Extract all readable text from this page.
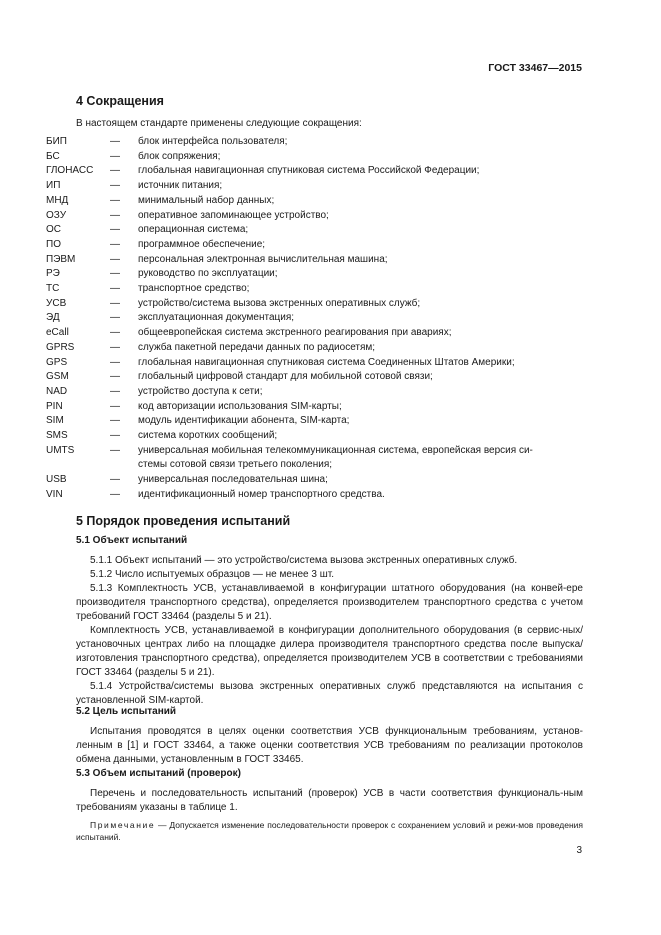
ГОСТ 33467—2015
4 Сокращения
В настоящем стандарте применены следующие сокращения:
БИП	—	блок интерфейса пользователя;
БС	—	блок сопряжения;
ГЛОНАСС	—	глобальная навигационная спутниковая система Российской Федерации;
ИП	—	источник питания;
МНД	—	минимальный набор данных;
ОЗУ	—	оперативное запоминающее устройство;
ОС	—	операционная система;
ПО	—	программное обеспечение;
ПЭВМ	—	персональная электронная вычислительная машина;
РЭ	—	руководство по эксплуатации;
ТС	—	транспортное средство;
УСВ	—	устройство/система вызова экстренных оперативных служб;
ЭД	—	эксплуатационная документация;
eCall	—	общеевропейская система экстренного реагирования при авариях;
GPRS	—	служба пакетной передачи данных по радиосетям;
GPS	—	глобальная навигационная спутниковая система Соединенных Штатов Америки;
GSM	—	глобальный цифровой стандарт для мобильной сотовой связи;
NAD	—	устройство доступа к сети;
PIN	—	код авторизации использования SIM-карты;
SIM	—	модуль идентификации абонента, SIM-карта;
SMS	—	система коротких сообщений;
UMTS	—	универсальная мобильная телекоммуникационная система, европейская версия си-
стемы сотовой связи третьего поколения;
USB	—	универсальная последовательная шина;
VIN	—	идентификационный номер транспортного средства.
5 Порядок проведения испытаний
5.1 Объект испытаний
5.1.1 Объект испытаний — это устройство/система вызова экстренных оперативных служб.
5.1.2 Число испытуемых образцов — не менее 3 шт.
5.1.3 Комплектность УСВ, устанавливаемой в конфигурации штатного оборудования (на конвей-ере производителя транспортного средства), определяется производителем транспортного средства с учетом требований ГОСТ 33464 (разделы 5 и 21).
Комплектность УСВ, устанавливаемой в конфигурации дополнительного оборудования (в сервис-ных/установочных центрах либо на площадке дилера производителя транспортного средства после выпуска/изготовления транспортного средства), определяется производителем УСВ в соответствии с требованиями ГОСТ 33464 (разделы 5 и 21).
5.1.4 Устройства/системы вызова экстренных оперативных служб представляются на испытания с установленной SIM-картой.
5.2 Цель испытаний
Испытания проводятся в целях оценки соответствия УСВ функциональным требованиям, установ-ленным в [1] и ГОСТ 33464, а также оценки соответствия УСВ требованиям по реализации протоколов обмена данными, установленным в ГОСТ 33465.
5.3 Объем испытаний (проверок)
Перечень и последовательность испытаний (проверок) УСВ в части соответствия функциональ-ным требованиям указаны в таблице 1.
Примечание — Допускается изменение последовательности проверок с сохранением условий и режи-мов проведения испытаний.
3
